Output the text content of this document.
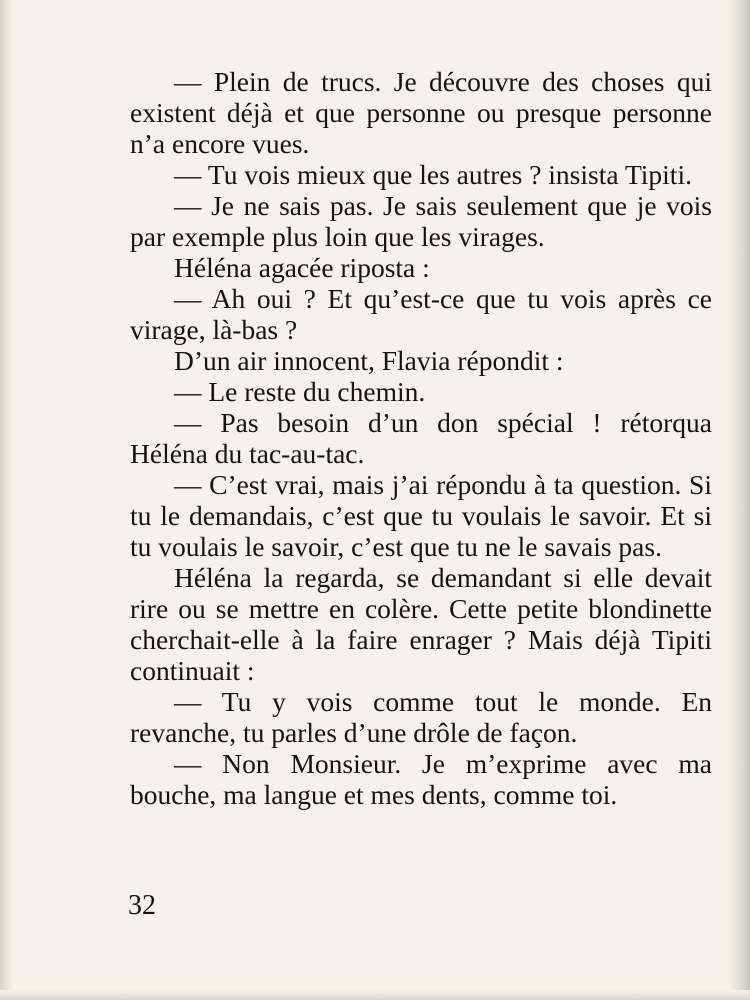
— Plein de trucs. Je découvre des choses qui existent déjà et que personne ou presque personne n’a encore vues.

— Tu vois mieux que les autres ? insista Tipiti.

— Je ne sais pas. Je sais seulement que je vois par exemple plus loin que les virages.

Héléna agacée riposta :

— Ah oui ? Et qu’est-ce que tu vois après ce virage, là-bas ?

D’un air innocent, Flavia répondit :

— Le reste du chemin.

— Pas besoin d’un don spécial ! rétorqua Héléna du tac-au-tac.

— C’est vrai, mais j’ai répondu à ta question. Si tu le demandais, c’est que tu voulais le savoir. Et si tu voulais le savoir, c’est que tu ne le savais pas.

Héléna la regarda, se demandant si elle devait rire ou se mettre en colère. Cette petite blondinette cherchait-elle à la faire enrager ? Mais déjà Tipiti continuait :

— Tu y vois comme tout le monde. En revanche, tu parles d’une drôle de façon.

— Non Monsieur. Je m’exprime avec ma bouche, ma langue et mes dents, comme toi.

32
